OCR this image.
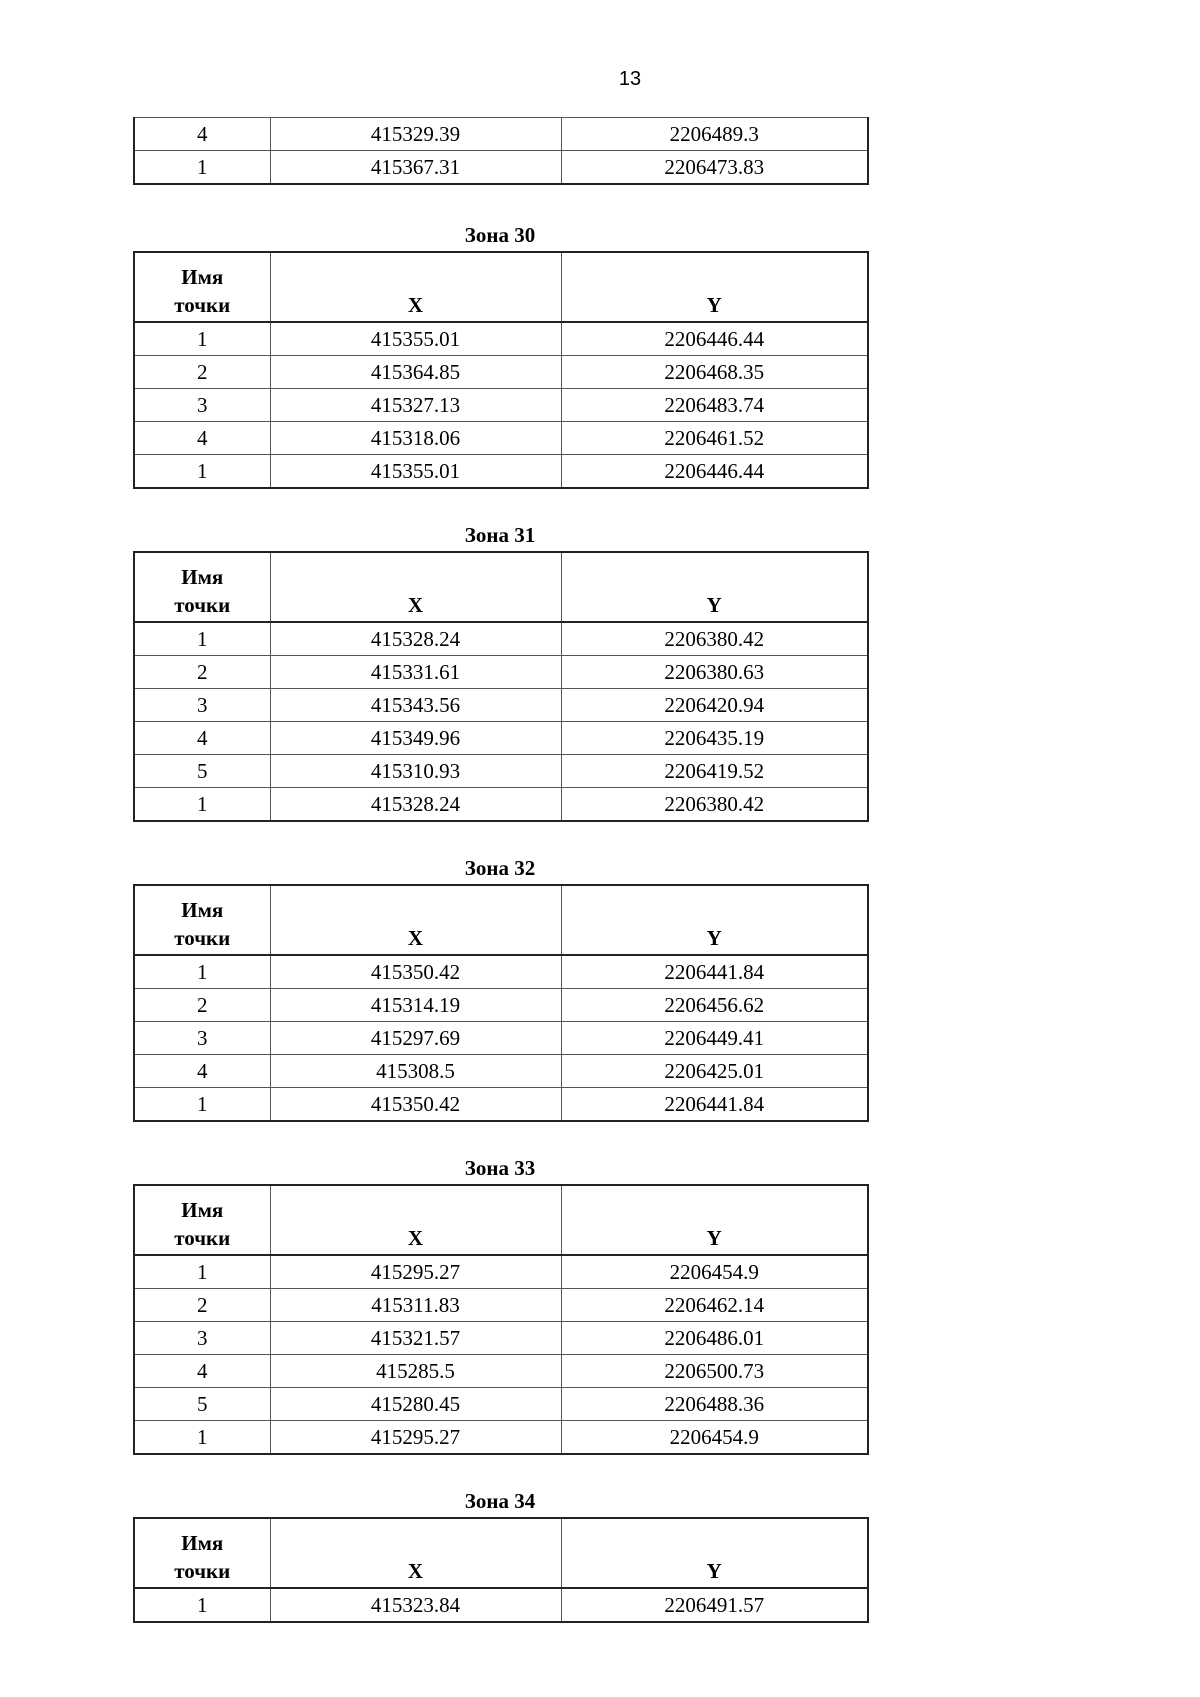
13
4	415329.39	2206489.3
1	415367.31	2206473.83
Зона 30
Имя
точки	X	Y
1	415355.01	2206446.44
2	415364.85	2206468.35
3	415327.13	2206483.74
4	415318.06	2206461.52
1	415355.01	2206446.44
Зона 31
Имя
точки	X	Y
1	415328.24	2206380.42
2	415331.61	2206380.63
3	415343.56	2206420.94
4	415349.96	2206435.19
5	415310.93	2206419.52
1	415328.24	2206380.42
Зона 32
Имя
точки	X	Y
1	415350.42	2206441.84
2	415314.19	2206456.62
3	415297.69	2206449.41
4	415308.5	2206425.01
1	415350.42	2206441.84
Зона 33
Имя
точки	X	Y
1	415295.27	2206454.9
2	415311.83	2206462.14
3	415321.57	2206486.01
4	415285.5	2206500.73
5	415280.45	2206488.36
1	415295.27	2206454.9
Зона 34
Имя
точки	X	Y
1	415323.84	2206491.57
